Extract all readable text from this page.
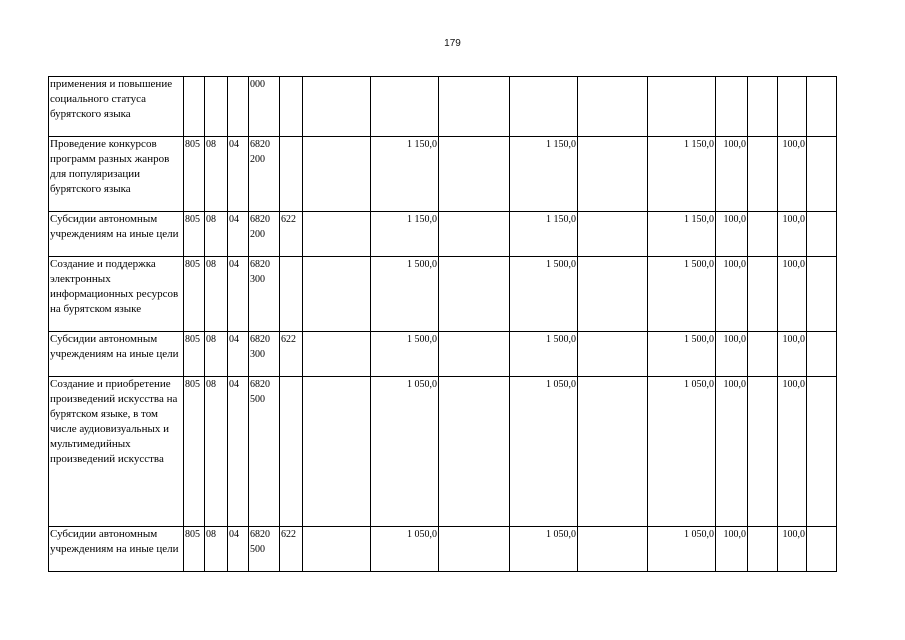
179
применения и повышение социального статуса бурятского языка				000											
Проведение конкурсов программ разных жанров для популяризации бурятского языка	805	08	04	6820 200			1 150,0		1 150,0		1 150,0	100,0		100,0	
Субсидии автономным учреждениям на иные цели	805	08	04	6820 200	622		1 150,0		1 150,0		1 150,0	100,0		100,0	
Создание и поддержка электронных информационных ресурсов на бурятском языке	805	08	04	6820 300			1 500,0		1 500,0		1 500,0	100,0		100,0	
Субсидии автономным учреждениям на иные цели	805	08	04	6820 300	622		1 500,0		1 500,0		1 500,0	100,0		100,0	
Создание и приобретение произведений искусства на бурятском языке, в том числе аудиовизуальных и мультимедийных произведений искусства	805	08	04	6820 500			1 050,0		1 050,0		1 050,0	100,0		100,0	
Субсидии автономным учреждениям на иные цели	805	08	04	6820 500	622		1 050,0		1 050,0		1 050,0	100,0		100,0	
